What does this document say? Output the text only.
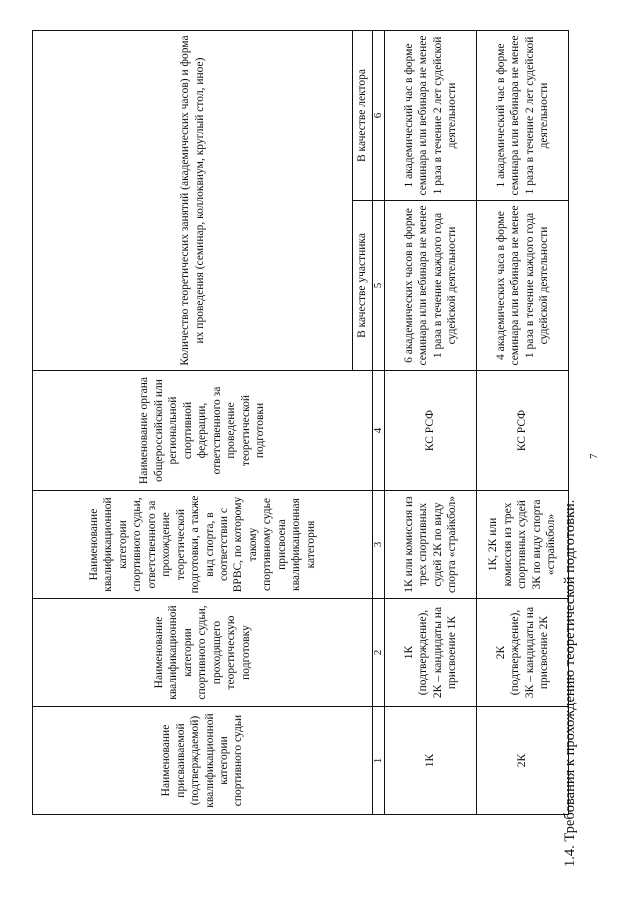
7
1.4. Требования к прохождению теоретической подготовки.
Наименование присваиваемой (подтверждаемой) квалификационной категории спортивного судьи	Наименование квалификационной категории спортивного судьи, проходящего теоретическую подготовку	Наименование квалификационной категории спортивного судьи, ответственного за прохождение теоретической подготовки, а также вид спорта, в соответствии с ВРВС, по которому такому спортивному судье присвоена квалификационная категория	Наименование органа общероссийской или региональной спортивной федерации, ответственного за проведение теоретической подготовки	Количество теоретических занятий (академических часов) и форма их проведения (семинар, коллоквиум, круглый стол, иное)	
				В качестве участника	В качестве лектора
1	2	3	4	5	6
1К	1К (подтверждение), 2К – кандидаты на присвоение 1К	1К или комиссия из трех спортивных судей 2К по виду спорта «страйкбол»	КС РСФ	6 академических часов в форме семинара или вебинара не менее 1 раза в течение каждого года судейской деятельности	1 академический час в форме семинара или вебинара не менее 1 раза в течение 2 лет судейской деятельности
2К	2К (подтверждение), 3К – кандидаты на присвоение 2К	1К, 2К или комиссия из трех спортивных судей 3К по виду спорта «страйкбол»	КС РСФ	4 академических часа в форме семинара или вебинара не менее 1 раза в течение каждого года судейской деятельности	1 академический час в форме семинара или вебинара не менее 1 раза в течение 2 лет судейской деятельности
